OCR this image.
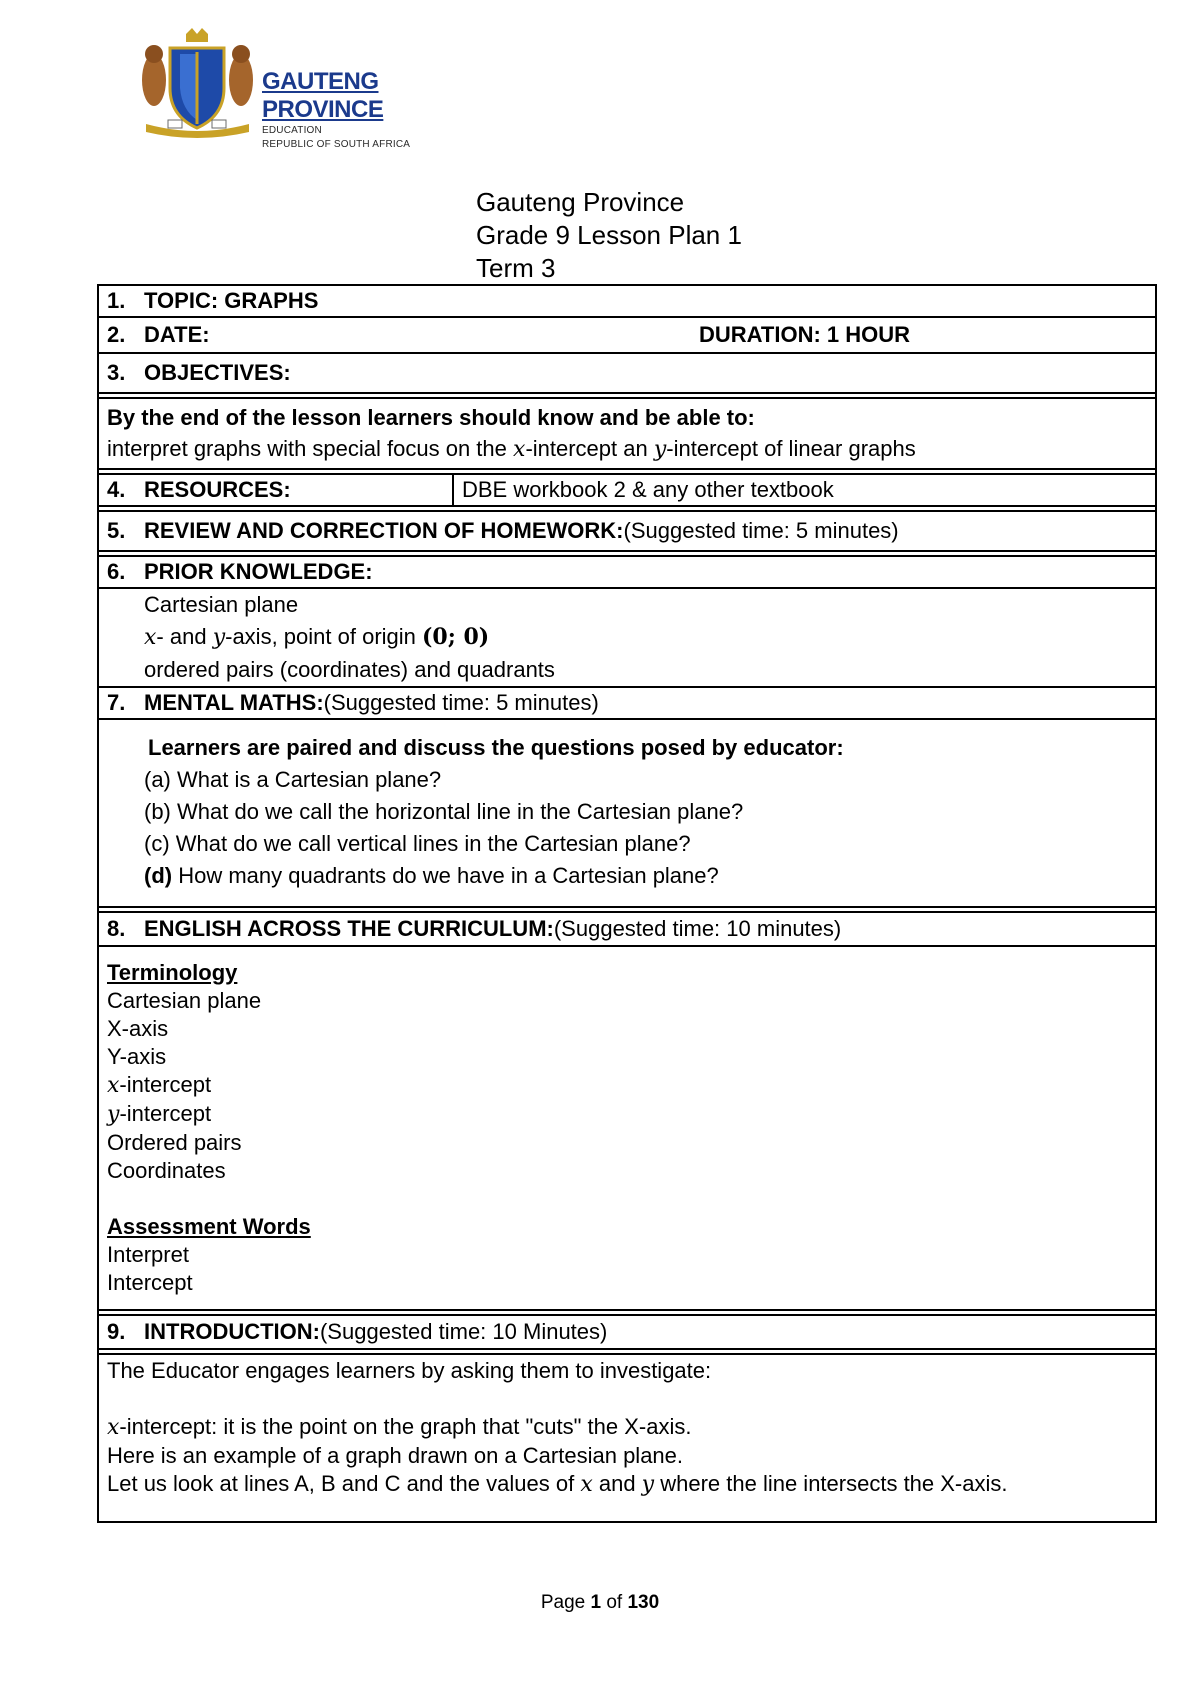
GAUTENG PROVINCE
EDUCATION
REPUBLIC OF SOUTH AFRICA
Gauteng Province
Grade 9 Lesson Plan 1
Term 3
1. TOPIC: GRAPHS
2. DATE:	DURATION: 1 HOUR
3. OBJECTIVES:
By the end of the lesson learners should know and be able to:
interpret graphs with special focus on the x-intercept an y-intercept of linear graphs
4. RESOURCES:	DBE workbook 2 & any other textbook
5. REVIEW AND CORRECTION OF HOMEWORK: (Suggested time: 5 minutes)
6. PRIOR KNOWLEDGE:
Cartesian plane
x- and y-axis, point of origin (0; 0)
ordered pairs (coordinates) and quadrants
7. MENTAL MATHS: (Suggested time: 5 minutes)
Learners are paired and discuss the questions posed by educator:
(a) What is a Cartesian plane?
(b) What do we call the horizontal line in the Cartesian plane?
(c) What do we call vertical lines in the Cartesian plane?
(d) How many quadrants do we have in a Cartesian plane?
8. ENGLISH ACROSS THE CURRICULUM: (Suggested time: 10 minutes)
Terminology
Cartesian plane
X-axis
Y-axis
x-intercept
y-intercept
Ordered pairs
Coordinates
Assessment Words
Interpret
Intercept
9. INTRODUCTION: (Suggested time: 10 Minutes)
The Educator engages learners by asking them to investigate:
x-intercept: it is the point on the graph that "cuts" the X-axis.
Here is an example of a graph drawn on a Cartesian plane.
Let us look at lines A, B and C and the values of x and y where the line intersects the X-axis.
Page 1 of 130
